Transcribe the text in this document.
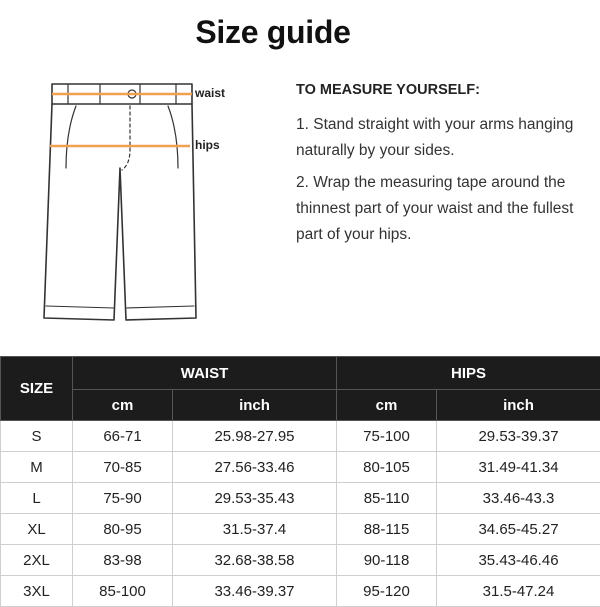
Size guide
waist
hips

TO MEASURE YOURSELF:

1. Stand straight with your arms hanging naturally by your sides.

2. Wrap the measuring tape around the thinnest part of your waist and the fullest part of your hips.

SIZE	WAIST		HIPS	
	cm	inch	cm	inch
S	66-71	25.98-27.95	75-100	29.53-39.37
M	70-85	27.56-33.46	80-105	31.49-41.34
L	75-90	29.53-35.43	85-110	33.46-43.3
XL	80-95	31.5-37.4	88-115	34.65-45.27
2XL	83-98	32.68-38.58	90-118	35.43-46.46
3XL	85-100	33.46-39.37	95-120	31.5-47.24
